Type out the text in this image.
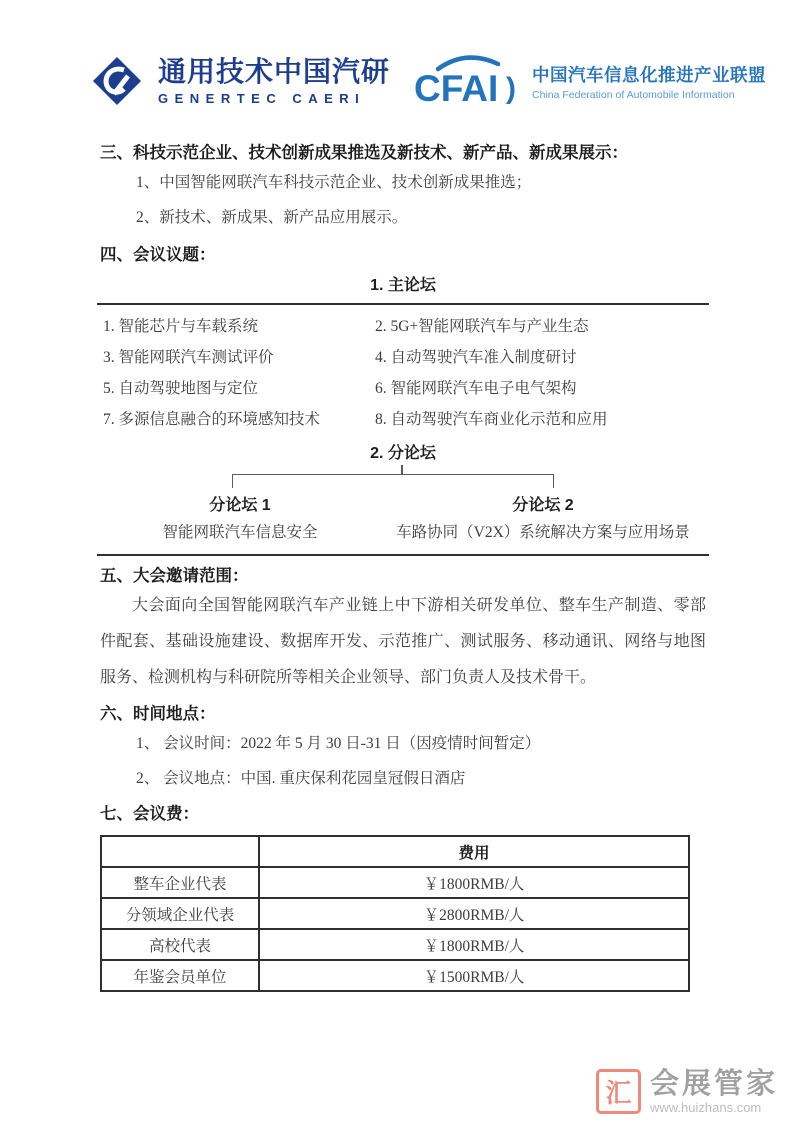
通用技术中国汽研
GENERTEC CAERI	CFAI ) 中国汽车信息化推进产业联盟
China Federation of Automobile Information
三、科技示范企业、技术创新成果推选及新技术、新产品、新成果展示：
1、中国智能网联汽车科技示范企业、技术创新成果推选；
2、新技术、新成果、新产品应用展示。
四、会议议题：
1. 主论坛
1. 智能芯片与车载系统	2. 5G+智能网联汽车与产业生态
3. 智能网联汽车测试评价	4. 自动驾驶汽车准入制度研讨
5. 自动驾驶地图与定位	6. 智能网联汽车电子电气架构
7. 多源信息融合的环境感知技术	8. 自动驾驶汽车商业化示范和应用
2. 分论坛
分论坛 1	分论坛 2
智能网联汽车信息安全	车路协同（V2X）系统解决方案与应用场景
五、大会邀请范围：
大会面向全国智能网联汽车产业链上中下游相关研发单位、整车生产制造、零部件配套、基础设施建设、数据库开发、示范推广、测试服务、移动通讯、网络与地图服务、检测机构与科研院所等相关企业领导、部门负责人及技术骨干。
六、时间地点：
1、 会议时间：2022 年 5 月 30 日-31 日（因疫情时间暂定）
2、 会议地点：中国. 重庆保利花园皇冠假日酒店
七、会议费：
	费用
整车企业代表	￥1800RMB/人
分领域企业代表	￥2800RMB/人
高校代表	￥1800RMB/人
年鉴会员单位	￥1500RMB/人
汇 会展管家
www.huizhans.com
